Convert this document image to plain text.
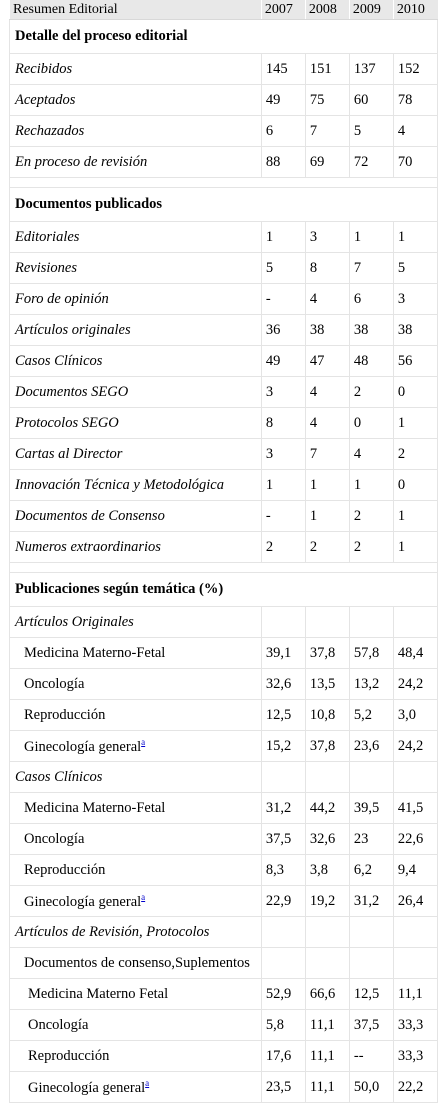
Resumen Editorial	2007	2008	2009	2010
Detalle del proceso editorial				
Recibidos	145	151	137	152
Aceptados	49	75	60	78
Rechazados	6	7	5	4
En proceso de revisión	88	69	72	70

Documentos publicados				
Editoriales	1	3	1	1
Revisiones	5	8	7	5
Foro de opinión	-	4	6	3
Artículos originales	36	38	38	38
Casos Clínicos	49	47	48	56
Documentos SEGO	3	4	2	0
Protocolos SEGO	8	4	0	1
Cartas al Director	3	7	4	2
Innovación Técnica y Metodológica	1	1	1	0
Documentos de Consenso	-	1	2	1
Numeros extraordinarios	2	2	2	1

Publicaciones según temática (%)				
Artículos Originales				
Medicina Materno-Fetal	39,1	37,8	57,8	48,4
Oncología	32,6	13,5	13,2	24,2
Reproducción	12,5	10,8	5,2	3,0
Ginecología general$^a$	15,2	37,8	23,6	24,2
Casos Clínicos				
Medicina Materno-Fetal	31,2	44,2	39,5	41,5
Oncología	37,5	32,6	23	22,6
Reproducción	8,3	3,8	6,2	9,4
Ginecología general$^a$	22,9	19,2	31,2	26,4
Artículos de Revisión, Protocolos				
Documentos de consenso,Suplementos				
Medicina Materno Fetal	52,9	66,6	12,5	11,1
Oncología	5,8	11,1	37,5	33,3
Reproducción	17,6	11,1	--	33,3
Ginecología general$^a$	23,5	11,1	50,0	22,2
